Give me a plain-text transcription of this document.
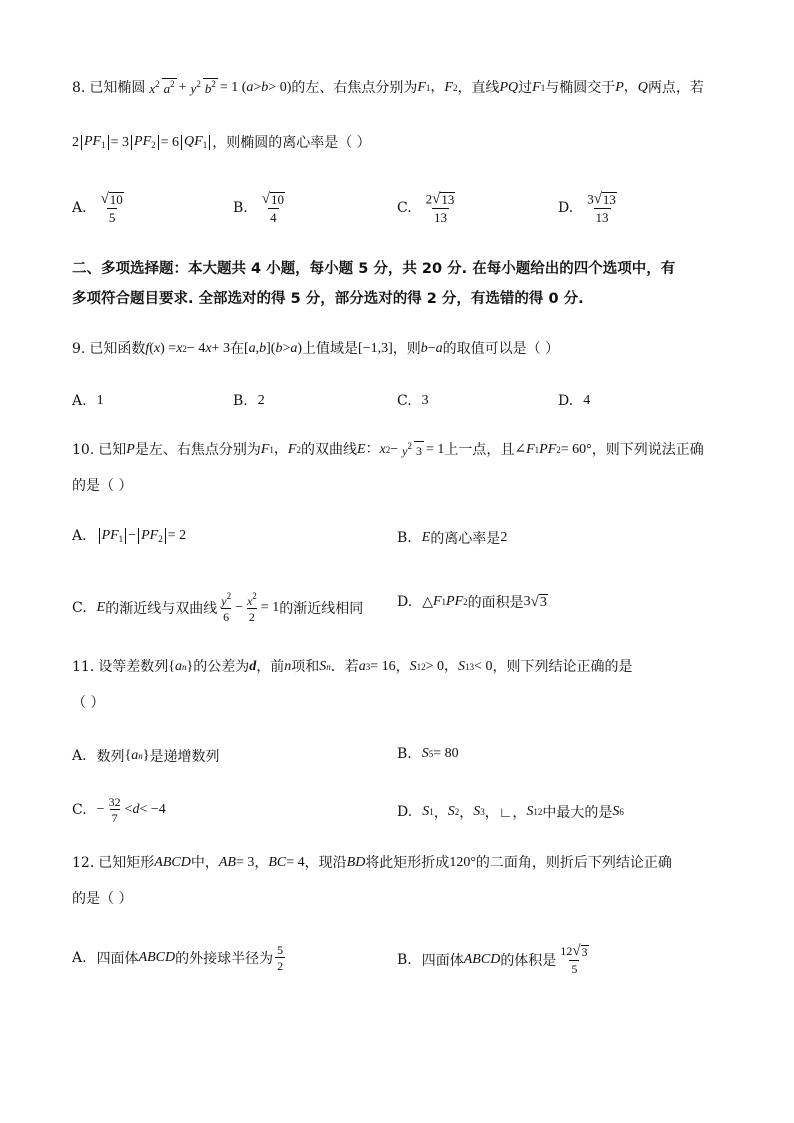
8. 已知椭圆 $x^2$ $a^2 + y^2$ $b^2 = 1$ ( a > b > 0) 的左、右焦点分别为 F 1 ， F 2 ，直线 PQ 过 F 1 与椭圆交于 P ， Q 两点，若
2 $PF_1 = 3$ $PF_2 = 6$ $QF_1$ ，则椭圆的离心率是（ ）
A. $\frac{√ 10}{5}$	B. $\frac{√ 10}{4}$	C. $\frac{2 √ 13}{13}$	D. $\frac{3 √ 13}{13}$
二、多项选择题：本大题共 4 小题，每小题 5 分，共 20 分. 在每小题给出的四个选项中，有
多项符合题目要求. 全部选对的得 5 分，部分选对的得 2 分，有选错的得 0 分.
9. 已知函数 f ( x ) = x 2 − 4 x + 3 在 [ a , b ]( b > a ) 上值域是 [−1,3] ，则 b − a 的取值可以是（ ）
A. 1	B. 2	C. 3	D. 4
10. 已知 P 是左、右焦点分别为 F 1 ， F 2 的双曲线 E ： x $2 - y^2$ 3 = 1 上一点，且 ∠ F 1 PF 2 = 60° ，则下列说法正确
的是（ ）
A. $PF_1 - PF_2 = 2$	B. E 的离心率是 2
C. E 的渐近线与双曲线 $\frac{y^2}{6} - \frac{x^2}{2} = 1$ 的渐近线相同 D. △ F 1 PF 2 的面积是 3 √ 3
11. 设等差数列 { a n } 的公差为 d ，前 n 项和 S n ．若 a 3 = 16 ， S 12 > 0， S 13 < 0 ，则下列结论正确的是
（ ）
A. 数列 { a n } 是递增数列	B. S 5 = 80
C. − $\frac{32}{7} < d < -4$	D. S 1 ， S 2 ， S 3 ，∟， S 12 中最大的是 S 6
12. 已知矩形 ABCD 中， AB = 3 ， BC = 4 ，现沿 BD 将此矩形折成 120° 的二面角，则折后下列结论正确
的是（ ）
A. 四面体 ABCD 的外接球半径为 $\frac{5}{2}$	B. 四面体 ABCD 的体积是 $\frac{12 √ 3}{5}$
